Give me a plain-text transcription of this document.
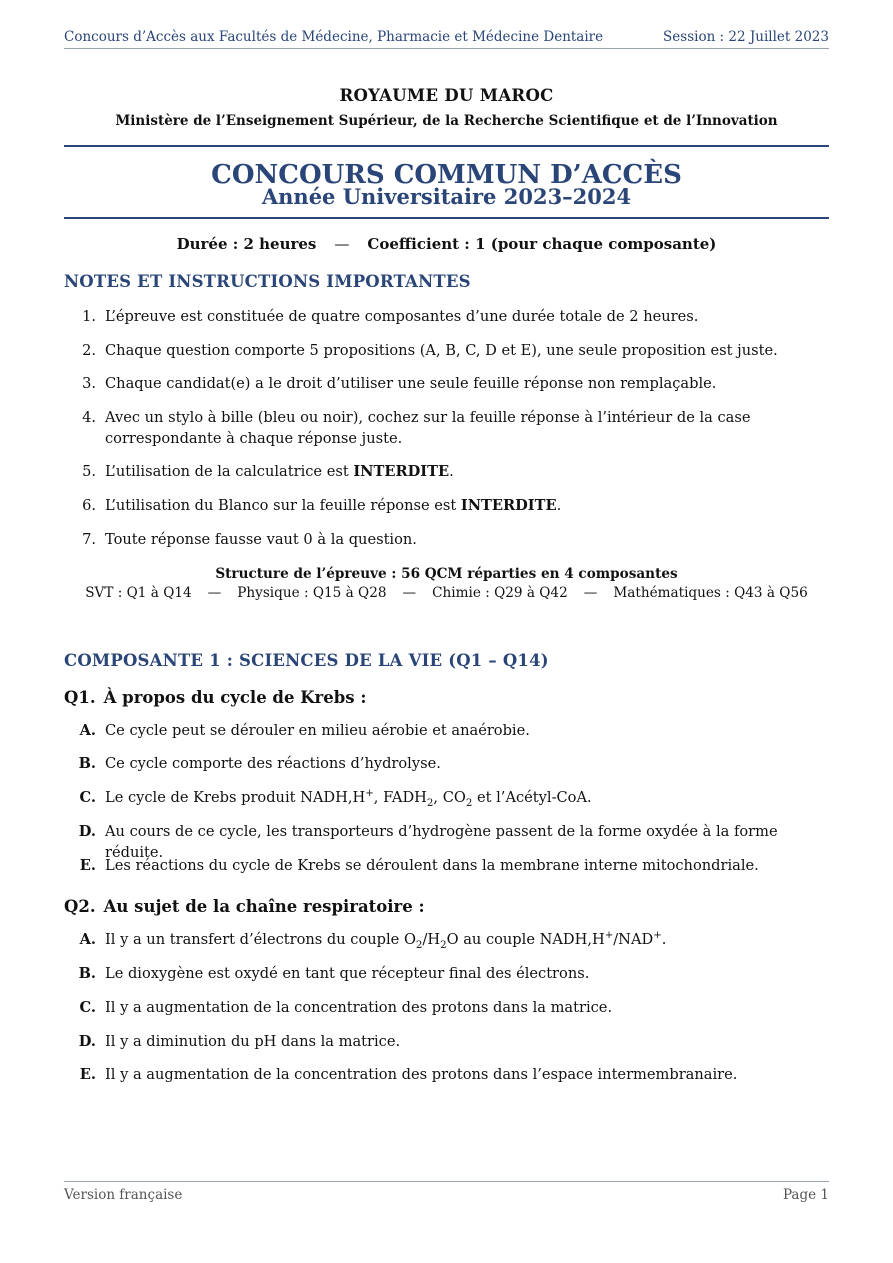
Concours d’Accès aux Facultés de Médecine, Pharmacie et Médecine Dentaire	Session : 22 Juillet 2023
ROYAUME DU MAROC
Ministère de l’Enseignement Supérieur, de la Recherche Scientifique et de l’Innovation
CONCOURS COMMUN D’ACCÈS
Année Universitaire 2023–2024
Durée : 2 heures — Coefficient : 1 (pour chaque composante)
NOTES ET INSTRUCTIONS IMPORTANTES
1. L’épreuve est constituée de quatre composantes d’une durée totale de 2 heures.
2. Chaque question comporte 5 propositions (A, B, C, D et E), une seule proposition est juste.
3. Chaque candidat(e) a le droit d’utiliser une seule feuille réponse non remplaçable.
4. Avec un stylo à bille (bleu ou noir), cochez sur la feuille réponse à l’intérieur de la case correspondante à chaque réponse juste.
5. L’utilisation de la calculatrice est INTERDITE.
6. L’utilisation du Blanco sur la feuille réponse est INTERDITE.
7. Toute réponse fausse vaut 0 à la question.
Structure de l’épreuve : 56 QCM réparties en 4 composantes
SVT : Q1 à Q14 — Physique : Q15 à Q28 — Chimie : Q29 à Q42 — Mathématiques : Q43 à Q56
COMPOSANTE 1 : SCIENCES DE LA VIE (Q1 – Q14)
Q1. À propos du cycle de Krebs :
A. Ce cycle peut se dérouler en milieu aérobie et anaérobie.
B. Ce cycle comporte des réactions d’hydrolyse.
C. Le cycle de Krebs produit NADH,H+, $FADH_2$, $CO_2$ et l’Acétyl-CoA.
D. Au cours de ce cycle, les transporteurs d’hydrogène passent de la forme oxydée à la forme réduite.
E. Les réactions du cycle de Krebs se déroulent dans la membrane interne mitochondriale.
Q2. Au sujet de la chaîne respiratoire :
A. Il y a un transfert d’électrons du couple $O_2/H_2O$ au couple NADH,H+/NAD+.
B. Le dioxygène est oxydé en tant que récepteur final des électrons.
C. Il y a augmentation de la concentration des protons dans la matrice.
D. Il y a diminution du pH dans la matrice.
E. Il y a augmentation de la concentration des protons dans l’espace intermembranaire.
Version française	Page 1
